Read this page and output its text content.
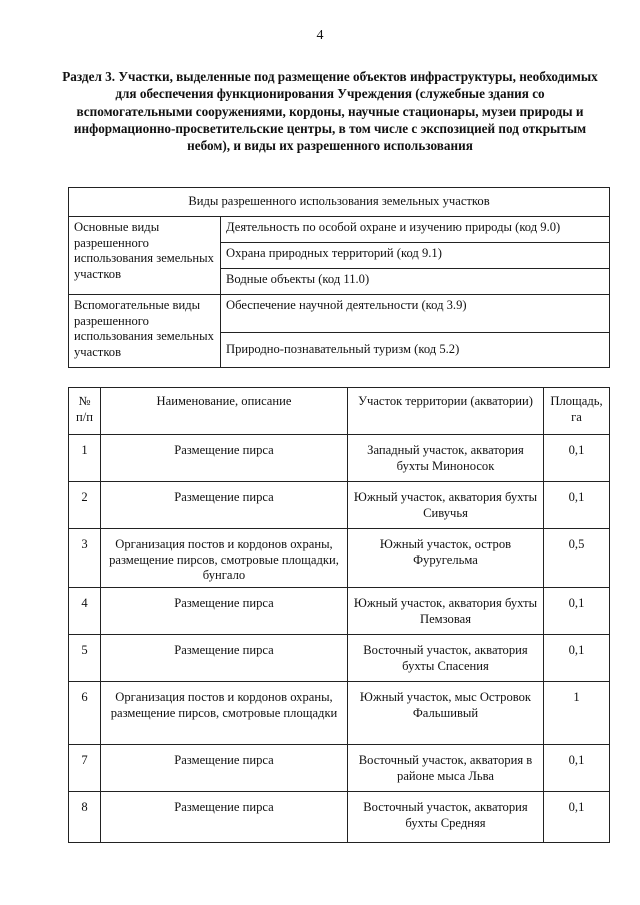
4
Раздел 3. Участки, выделенные под размещение объектов инфраструктуры, необходимых для обеспечения функционирования Учреждения (служебные здания со вспомогательными сооружениями, кордоны, научные стационары, музеи природы и информационно-просветительские центры, в том числе с экспозицией под открытым небом), и виды их разрешенного использования
Виды разрешенного использования земельных участков	
Основные виды разрешенного использования земельных участков	Деятельность по особой охране и изучению природы (код 9.0)
	Охрана природных территорий (код 9.1)
	Водные объекты (код 11.0)
Вспомогательные виды разрешенного использования земельных участков	Обеспечение научной деятельности (код 3.9)
	Природно-познавательный туризм (код 5.2)
№ п/п	Наименование, описание	Участок территории (акватории)	Площадь, га
1	Размещение пирса	Западный участок, акватория бухты Миноносок	0,1
2	Размещение пирса	Южный участок, акватория бухты Сивучья	0,1
3	Организация постов и кордонов охраны, размещение пирсов, смотровые площадки, бунгало	Южный участок, остров Фуругельма	0,5
4	Размещение пирса	Южный участок, акватория бухты Пемзовая	0,1
5	Размещение пирса	Восточный участок, акватория бухты Спасения	0,1
6	Организация постов и кордонов охраны, размещение пирсов, смотровые площадки	Южный участок, мыс Островок Фальшивый	1
7	Размещение пирса	Восточный участок, акватория в районе мыса Льва	0,1
8	Размещение пирса	Восточный участок, акватория бухты Средняя	0,1
